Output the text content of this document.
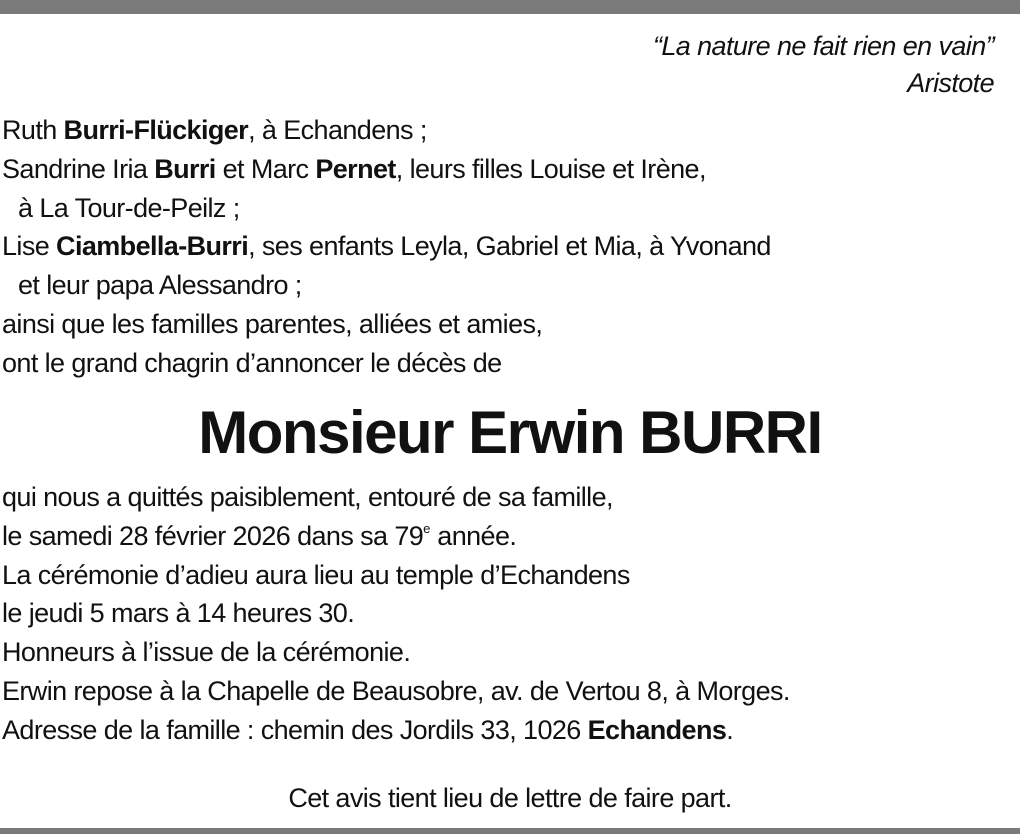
“La nature ne fait rien en vain”
Aristote
Ruth Burri-Flückiger, à Echandens ;
Sandrine Iria Burri et Marc Pernet, leurs filles Louise et Irène,
à La Tour-de-Peilz ;
Lise Ciambella-Burri, ses enfants Leyla, Gabriel et Mia, à Yvonand
et leur papa Alessandro ;
ainsi que les familles parentes, alliées et amies,
ont le grand chagrin d’annoncer le décès de
Monsieur Erwin BURRI
qui nous a quittés paisiblement, entouré de sa famille,
le samedi 28 février 2026 dans sa 79e année.
La cérémonie d’adieu aura lieu au temple d’Echandens
le jeudi 5 mars à 14 heures 30.
Honneurs à l’issue de la cérémonie.
Erwin repose à la Chapelle de Beausobre, av. de Vertou 8, à Morges.
Adresse de la famille : chemin des Jordils 33, 1026 Echandens.
Cet avis tient lieu de lettre de faire part.
